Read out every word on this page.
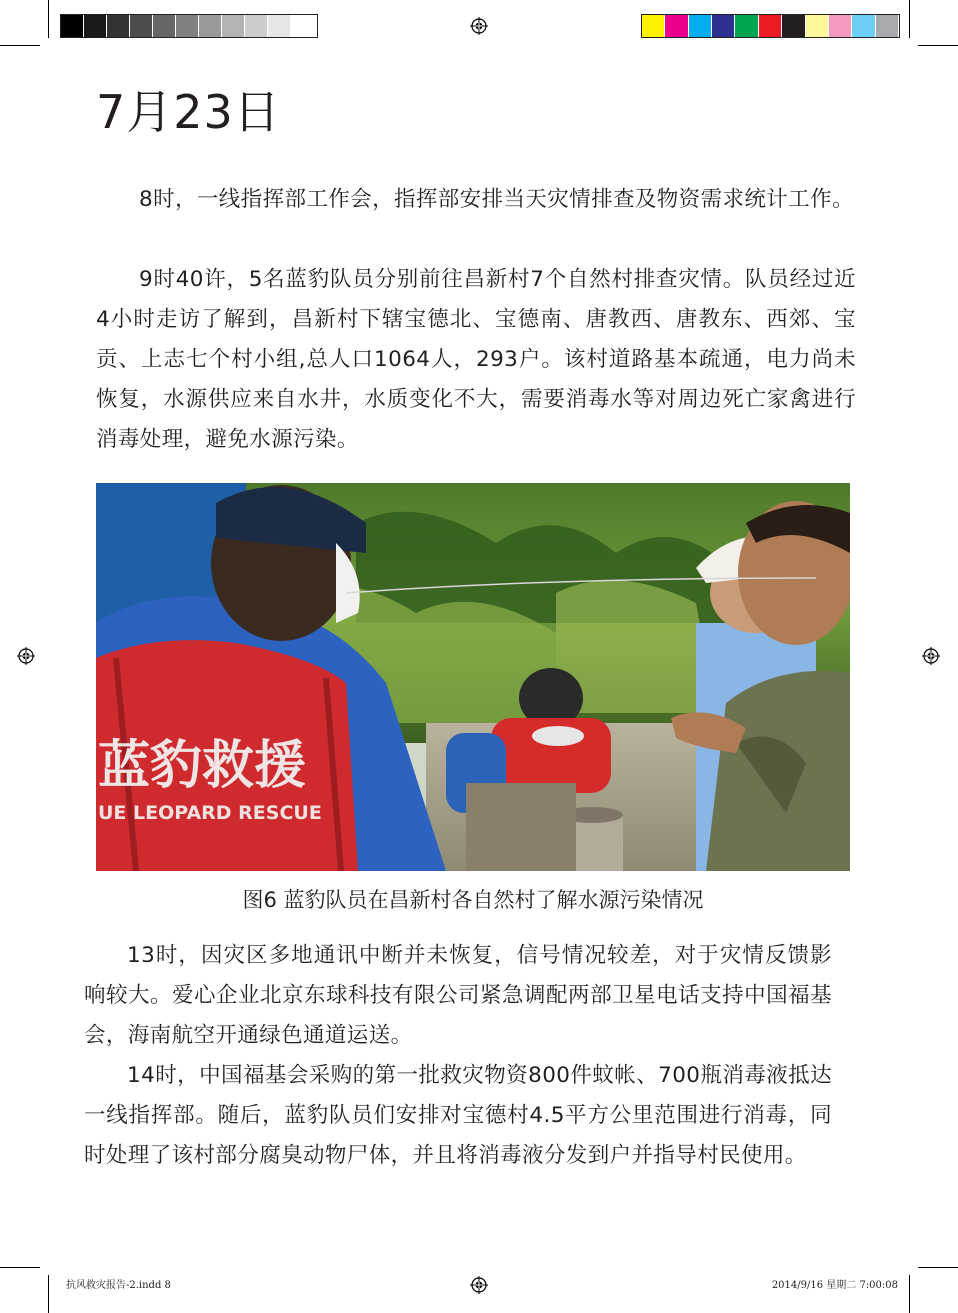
7月23日

8时，一线指挥部工作会，指挥部安排当天灾情排查及物资需求统计工作。

9时40许，5名蓝豹队员分别前往昌新村7个自然村排查灾情。队员经过近4小时走访了解到，昌新村下辖宝德北、宝德南、唐教西、唐教东、西郊、宝贡、上志七个村小组,总人口1064人，293户。该村道路基本疏通，电力尚未恢复，水源供应来自水井，水质变化不大，需要消毒水等对周边死亡家禽进行消毒处理，避免水源污染。

蓝豹救援
UE LEOPARD RESCUE
图6 蓝豹队员在昌新村各自然村了解水源污染情况

13时，因灾区多地通讯中断并未恢复，信号情况较差，对于灾情反馈影响较大。爱心企业北京东球科技有限公司紧急调配两部卫星电话支持中国福基会，海南航空开通绿色通道运送。

14时，中国福基会采购的第一批救灾物资800件蚊帐、700瓶消毒液抵达一线指挥部。随后，蓝豹队员们安排对宝德村4.5平方公里范围进行消毒，同时处理了该村部分腐臭动物尸体，并且将消毒液分发到户并指导村民使用。

抗风救灾报告-2.indd 8	2014/9/16 星期二 7:00:08
